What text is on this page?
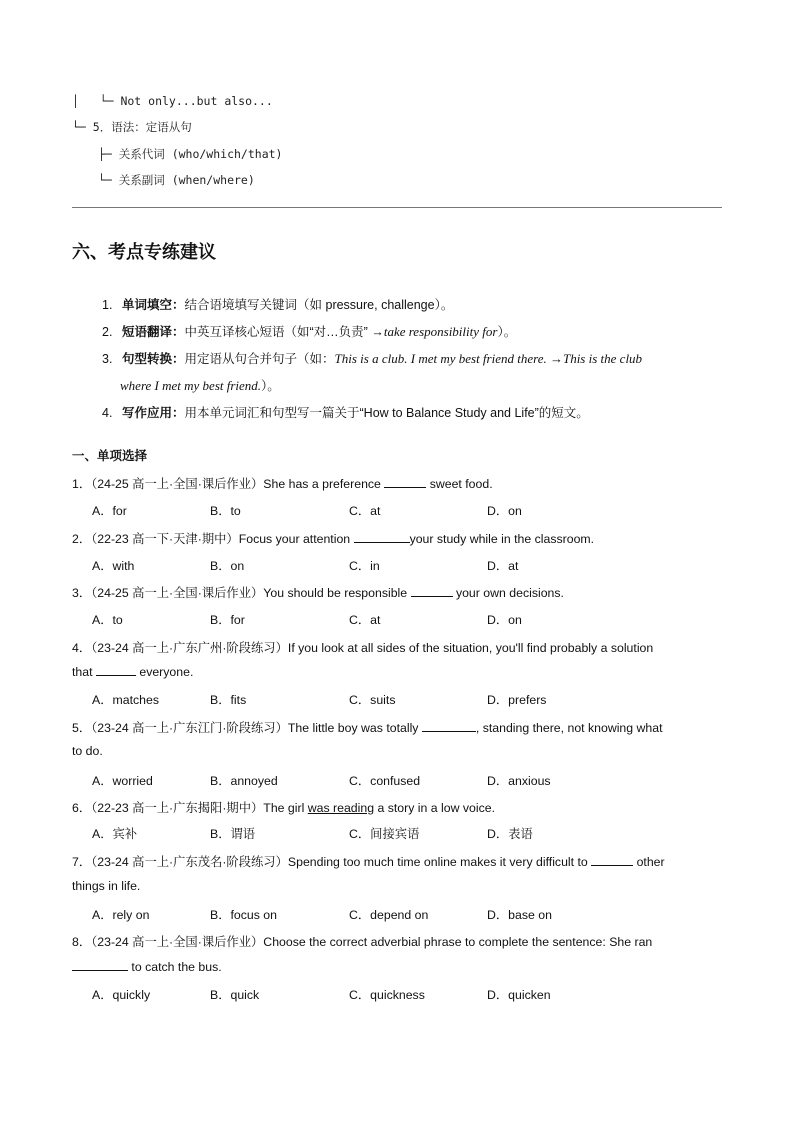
│   └─ Not only...but also...
└─ 5．语法：定语从句
├─ 关系代词 (who/which/that)
└─ 关系副词 (when/where)
六、考点专练建议
1. 单词填空：结合语境填写关键词（如 pressure, challenge）。
2. 短语翻译：中英互译核心短语（如“对…负责” →take responsibility for）。
3. 句型转换：用定语从句合并句子（如：This is a club. I met my best friend there. →This is the club
where I met my best friend.）。
4. 写作应用：用本单元词汇和句型写一篇关于“How to Balance Study and Life”的短文。
一、单项选择
1．（24-25 高一上·全国·课后作业）She has a preference	sweet food.
A．for	B．to	C．at	D．on
2．（22-23 高一下·天津·期中）Focus your attention	your study while in the classroom.
A．with	B．on	C．in	D．at
3．（24-25 高一上·全国·课后作业）You should be responsible	your own decisions.
A．to	B．for	C．at	D．on
4．（23-24 高一上·广东广州·阶段练习）If you look at all sides of the situation, you'll find probably a solution
that	everyone.
A．matches	B．fits	C．suits	D．prefers
5．（23-24 高一上·广东江门·阶段练习）The little boy was totally	, standing there, not knowing what
to do.
A．worried	B．annoyed	C．confused	D．anxious
6．（22-23 高一上·广东揭阳·期中）The girl was reading a story in a low voice.
A．宾补	B．谓语	C．间接宾语	D．表语
7．（23-24 高一上·广东茂名·阶段练习）Spending too much time online makes it very difficult to	other
things in life.
A．rely on	B．focus on	C．depend on	D．base on
8．（23-24 高一上·全国·课后作业）Choose the correct adverbial phrase to complete the sentence: She ran
to catch the bus.
A．quickly	B．quick	C．quickness	D．quicken
